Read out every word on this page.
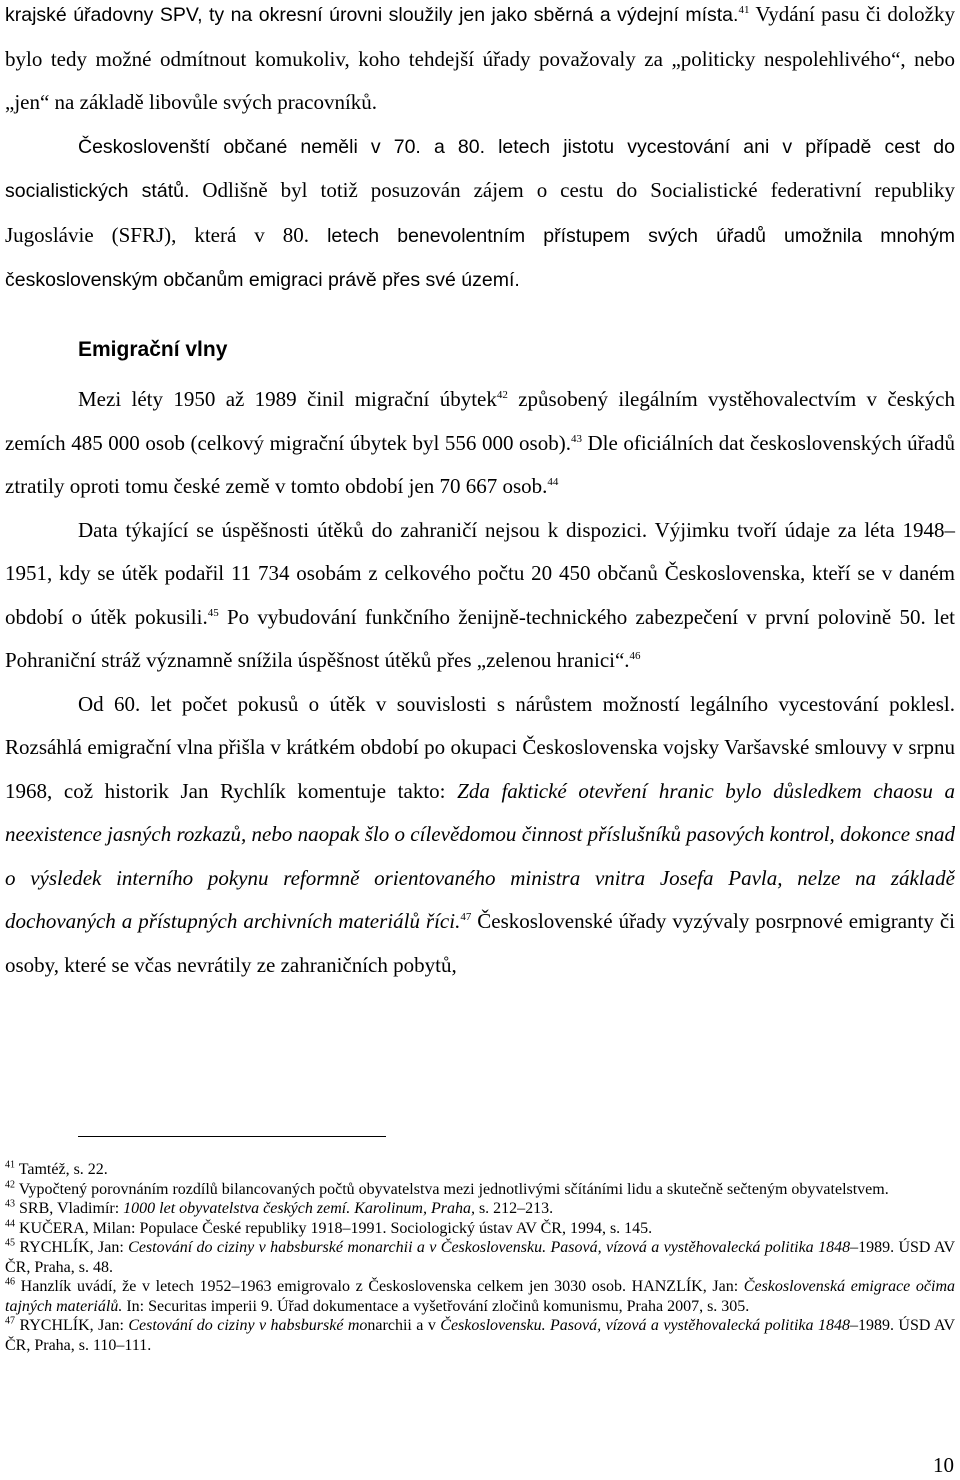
krajské úřadovny SPV, ty na okresní úrovni sloužily jen jako sběrná a výdejní místa.$^{41}$ Vydání pasu či doložky bylo tedy možné odmítnout komukoliv, koho tehdejší úřady považovaly za „politicky nespolehlivého“, nebo „jen“ na základě libovůle svých pracovníků.

Českoslovenští občané neměli v 70. a 80. letech jistotu vycestování ani v případě cest do socialistických států. Odlišně byl totiž posuzován zájem o cestu do Socialistické federativní republiky Jugoslávie (SFRJ), která v 80. letech benevolentním přístupem svých úřadů umožnila mnohým československým občanům emigraci právě přes své území.

Emigrační vlny

Mezi léty 1950 až 1989 činil migrační úbytek$^{42}$ způsobený ilegálním vystěhovalectvím v českých zemích 485 000 osob (celkový migrační úbytek byl 556 000 osob).$^{43}$ Dle oficiálních dat československých úřadů ztratily oproti tomu české země v tomto období jen 70 667 osob.$^{44}$

Data týkající se úspěšnosti útěků do zahraničí nejsou k dispozici. Výjimku tvoří údaje za léta 1948–1951, kdy se útěk podařil 11 734 osobám z celkového počtu 20 450 občanů Československa, kteří se v daném období o útěk pokusili.$^{45}$ Po vybudování funkčního ženijně-technického zabezpečení v první polovině 50. let Pohraniční stráž významně snížila úspěšnost útěků přes „zelenou hranici“.$^{46}$

Od 60. let počet pokusů o útěk v souvislosti s nárůstem možností legálního vycestování poklesl. Rozsáhlá emigrační vlna přišla v krátkém období po okupaci Československa vojsky Varšavské smlouvy v srpnu 1968, což historik Jan Rychlík komentuje takto: Zda faktické otevření hranic bylo důsledkem chaosu a neexistence jasných rozkazů, nebo naopak šlo o cílevědomou činnost příslušníků pasových kontrol, dokonce snad o výsledek interního pokynu reformně orientovaného ministra vnitra Josefa Pavla, nelze na základě dochovaných a přístupných archivních materiálů říci.$^{47}$ Československé úřady vyzývaly posrpnové emigranty či osoby, které se včas nevrátily ze zahraničních pobytů,

$^{41}$ Tamtéž, s. 22.

$^{42}$ Vypočtený porovnáním rozdílů bilancovaných počtů obyvatelstva mezi jednotlivými sčítáními lidu a skutečně sečteným obyvatelstvem.

$^{43}$ SRB, Vladimír: 1000 let obyvatelstva českých zemí. Karolinum, Praha, s. 212–213.

$^{44}$ KUČERA, Milan: Populace České republiky 1918–1991. Sociologický ústav AV ČR, 1994, s. 145.

$^{45}$ RYCHLÍK, Jan: Cestování do ciziny v habsburské monarchii a v Československu. Pasová, vízová a vystěhovalecká politika 1848–1989. ÚSD AV ČR, Praha, s. 48.

$^{46}$ Hanzlík uvádí, že v letech 1952–1963 emigrovalo z Československa celkem jen 3030 osob. HANZLÍK, Jan: Československá emigrace očima tajných materiálů. In: Securitas imperii 9. Úřad dokumentace a vyšetřování zločinů komunismu, Praha 2007, s. 305.

$^{47}$ RYCHLÍK, Jan: Cestování do ciziny v habsburské monarchii a v Československu. Pasová, vízová a vystěhovalecká politika 1848–1989. ÚSD AV ČR, Praha, s. 110–111.

10
